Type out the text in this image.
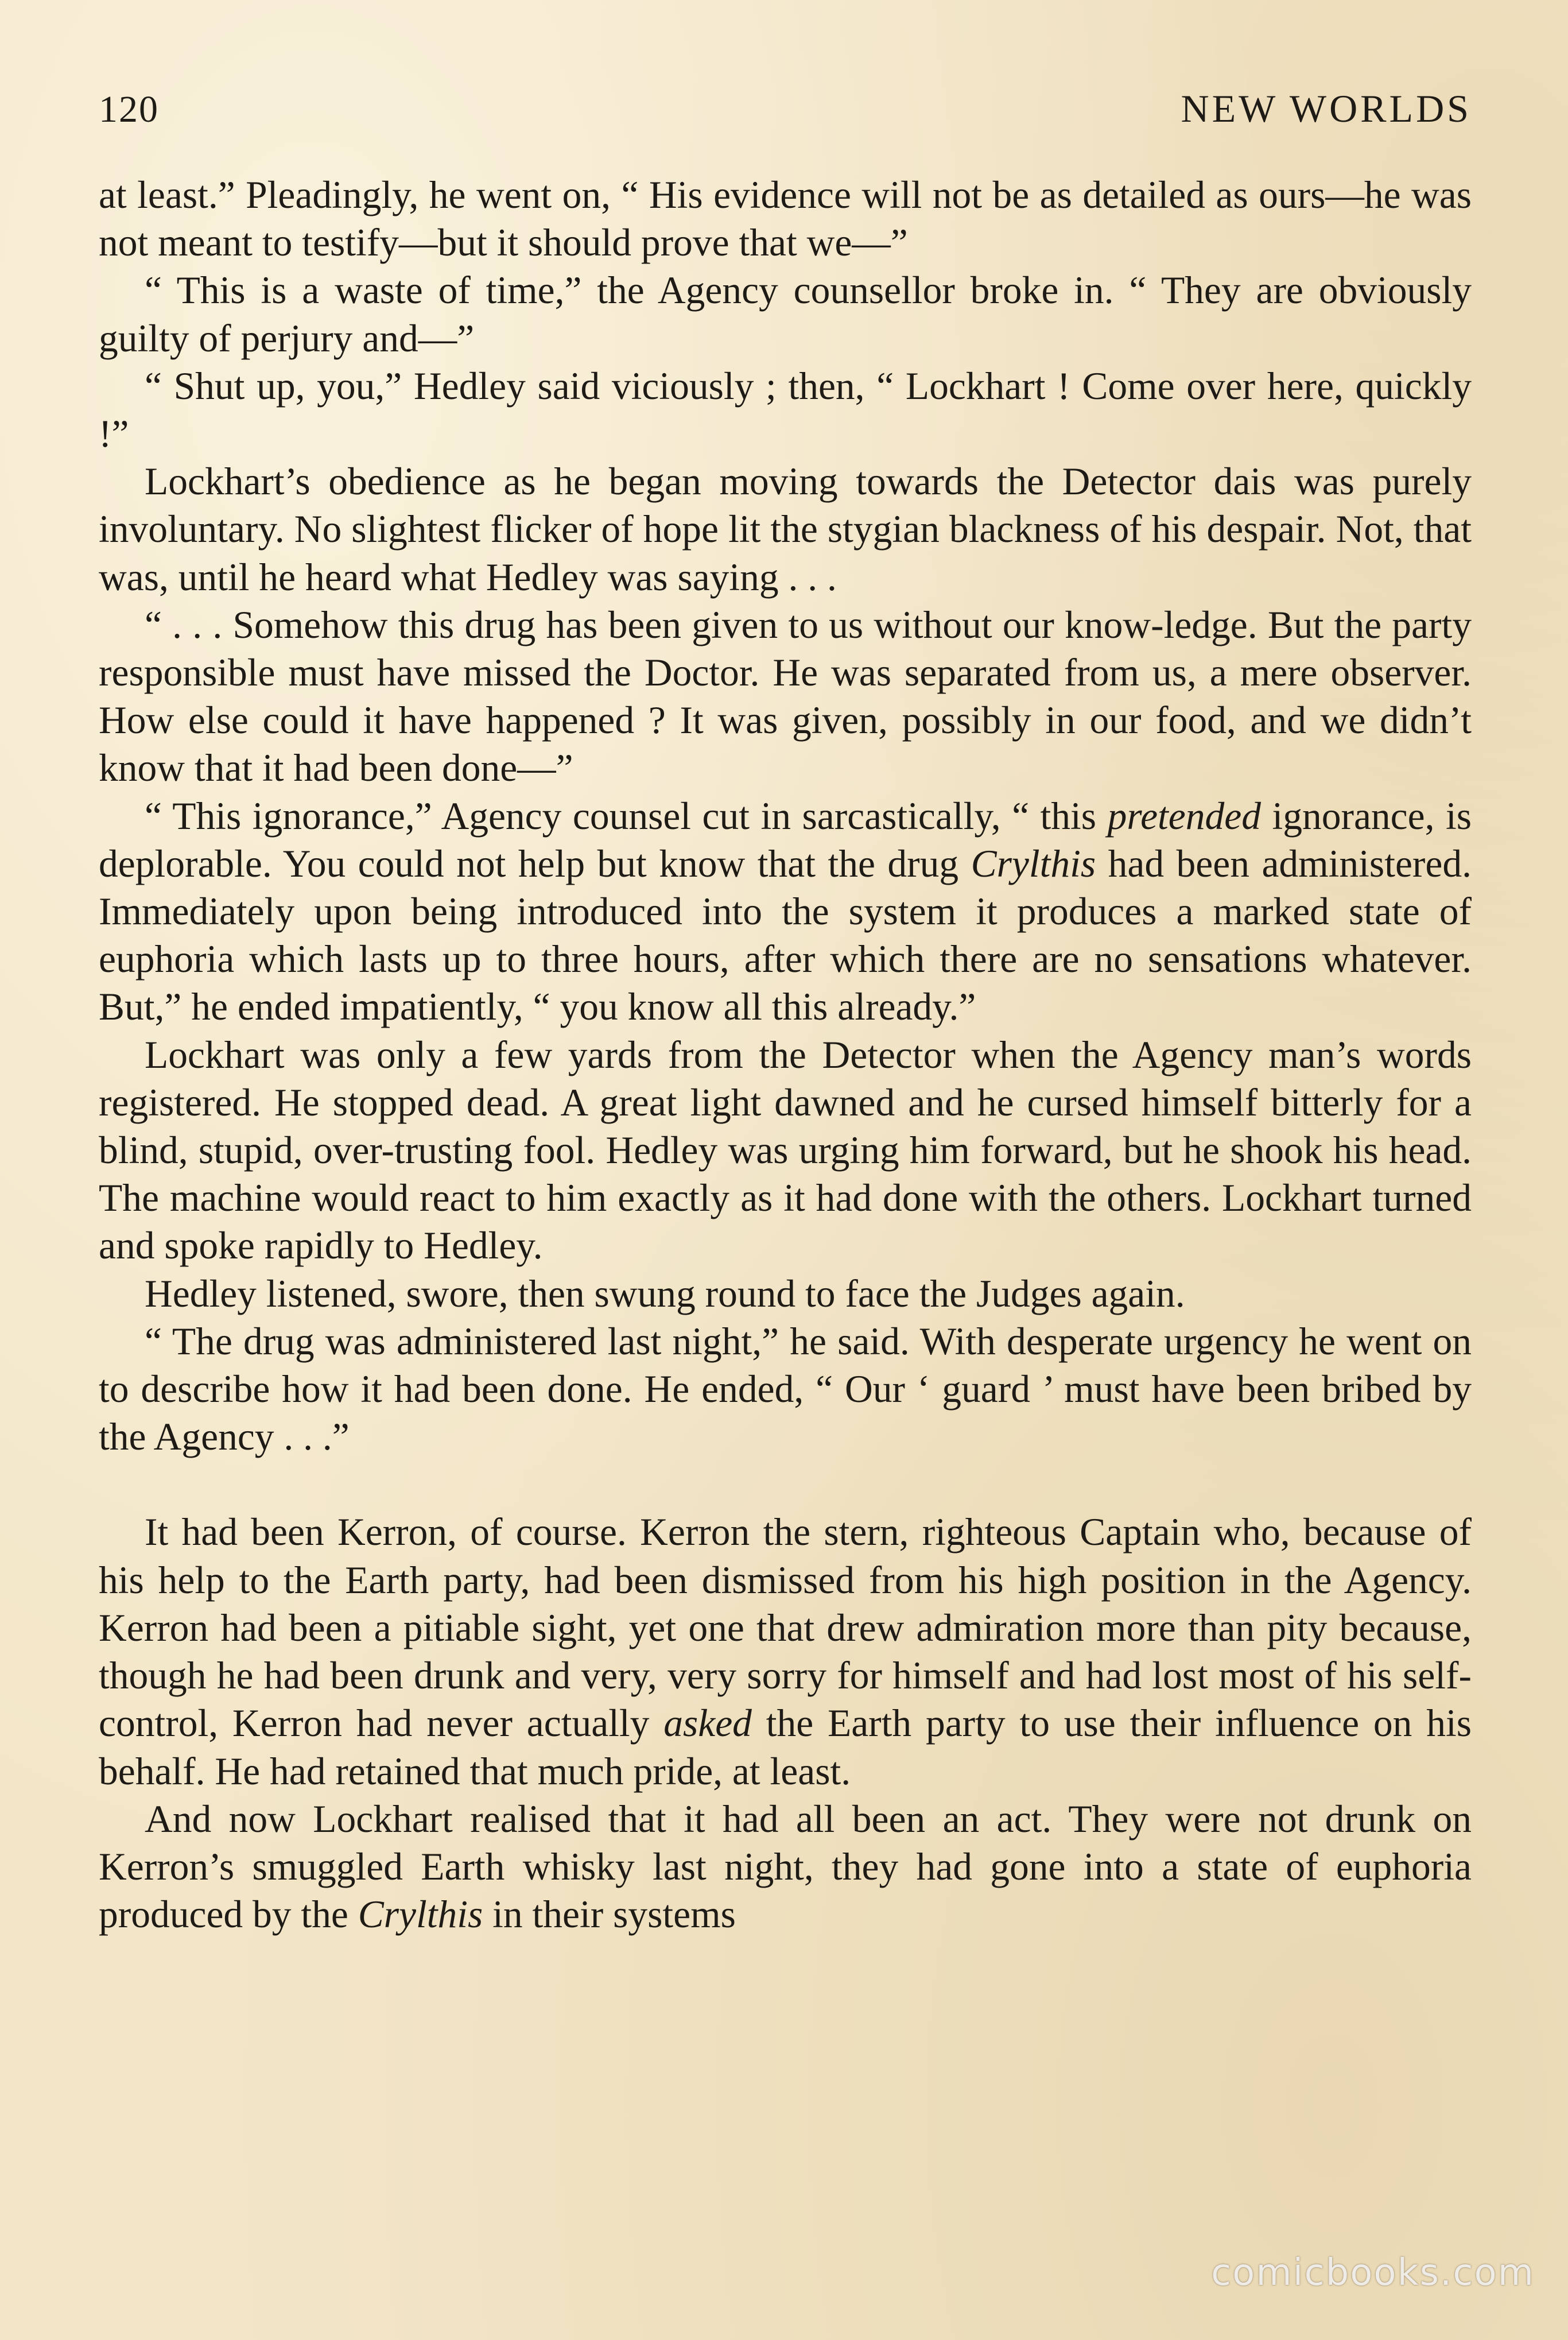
120	NEW WORLDS

at least.” Pleadingly, he went on, “ His evidence will not be as detailed as ours—he was not meant to testify—but it should prove that we—”

“ This is a waste of time,” the Agency counsellor broke in. “ They are obviously guilty of perjury and—”

“ Shut up, you,” Hedley said viciously ; then, “ Lockhart ! Come over here, quickly !”

Lockhart’s obedience as he began moving towards the Detector dais was purely involuntary. No slightest flicker of hope lit the stygian blackness of his despair. Not, that was, until he heard what Hedley was saying . . .

“ . . . Somehow this drug has been given to us without our know-ledge. But the party responsible must have missed the Doctor. He was separated from us, a mere observer. How else could it have happened ? It was given, possibly in our food, and we didn’t know that it had been done—”

“ This ignorance,” Agency counsel cut in sarcastically, “ this pretended ignorance, is deplorable. You could not help but know that the drug Crylthis had been administered. Immediately upon being introduced into the system it produces a marked state of euphoria which lasts up to three hours, after which there are no sensations whatever. But,” he ended impatiently, “ you know all this already.”

Lockhart was only a few yards from the Detector when the Agency man’s words registered. He stopped dead. A great light dawned and he cursed himself bitterly for a blind, stupid, over-trusting fool. Hedley was urging him forward, but he shook his head. The machine would react to him exactly as it had done with the others. Lockhart turned and spoke rapidly to Hedley.

Hedley listened, swore, then swung round to face the Judges again.

“ The drug was administered last night,” he said. With desperate urgency he went on to describe how it had been done. He ended, “ Our ‘ guard ’ must have been bribed by the Agency . . .”

It had been Kerron, of course. Kerron the stern, righteous Captain who, because of his help to the Earth party, had been dismissed from his high position in the Agency. Kerron had been a pitiable sight, yet one that drew admiration more than pity because, though he had been drunk and very, very sorry for himself and had lost most of his self-control, Kerron had never actually asked the Earth party to use their influence on his behalf. He had retained that much pride, at least.

And now Lockhart realised that it had all been an act. They were not drunk on Kerron’s smuggled Earth whisky last night, they had gone into a state of euphoria produced by the Crylthis in their systems

comicbooks.com
